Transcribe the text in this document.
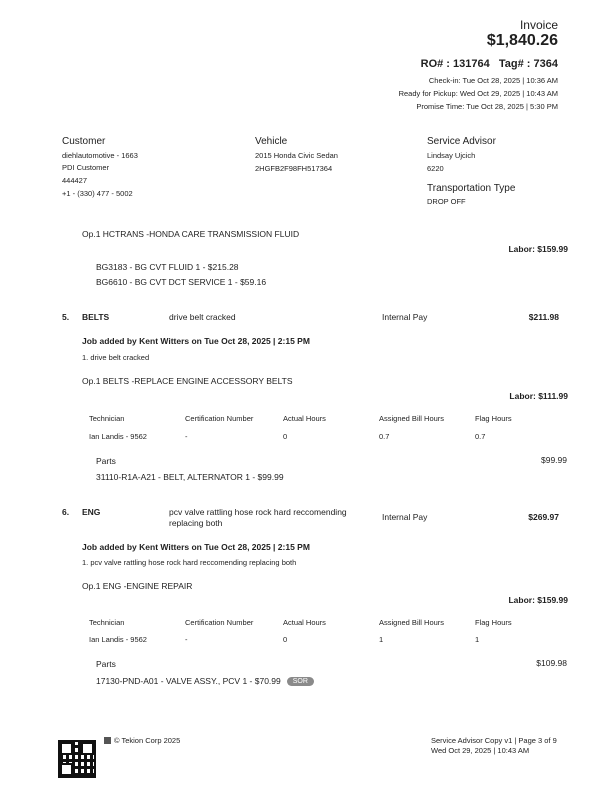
Invoice
$1,840.26
RO# : 131764   Tag# : 7364
Check-in: Tue Oct 28, 2025 | 10:36 AM
Ready for Pickup: Wed Oct 29, 2025 | 10:43 AM
Promise Time: Tue Oct 28, 2025 | 5:30 PM
Customer
diehlautomotive - 1663
PDI Customer
444427
+1 - (330) 477 - 5002
Vehicle
2015 Honda Civic Sedan
2HGFB2F98FH517364
Service Advisor
Lindsay Ujcich
6220
Transportation Type
DROP OFF
Op.1 HCTRANS -HONDA CARE TRANSMISSION FLUID
Labor: $159.99
BG3183 - BG CVT FLUID 1 - $215.28
BG6610 - BG CVT DCT SERVICE 1 - $59.16
5. BELTS	drive belt cracked	Internal Pay	$211.98
Job added by Kent Witters on Tue Oct 28, 2025 | 2:15 PM
1. drive belt cracked
Op.1 BELTS -REPLACE ENGINE ACCESSORY BELTS
Labor: $111.99
Technician	Certification Number	Actual Hours	Assigned Bill Hours	Flag Hours
Ian Landis - 9562	-	0	0.7	0.7
Parts	$99.99
31110-R1A-A21 - BELT, ALTERNATOR 1 - $99.99
6. ENG	pcv valve rattling hose rock hard reccomending
replacing both
Internal Pay	$269.97
Job added by Kent Witters on Tue Oct 28, 2025 | 2:15 PM
1. pcv valve rattling hose rock hard reccomending replacing both
Op.1 ENG -ENGINE REPAIR
Labor: $159.99
Technician	Certification Number	Actual Hours	Assigned Bill Hours	Flag Hours
Ian Landis - 9562	-	0	1	1
Parts	$109.98
17130-PND-A01 - VALVE ASSY., PCV 1 - $70.99 SOR
© Tekion Corp 2025	Service Advisor Copy v1 | Page 3 of 9
Wed Oct 29, 2025 | 10:43 AM
